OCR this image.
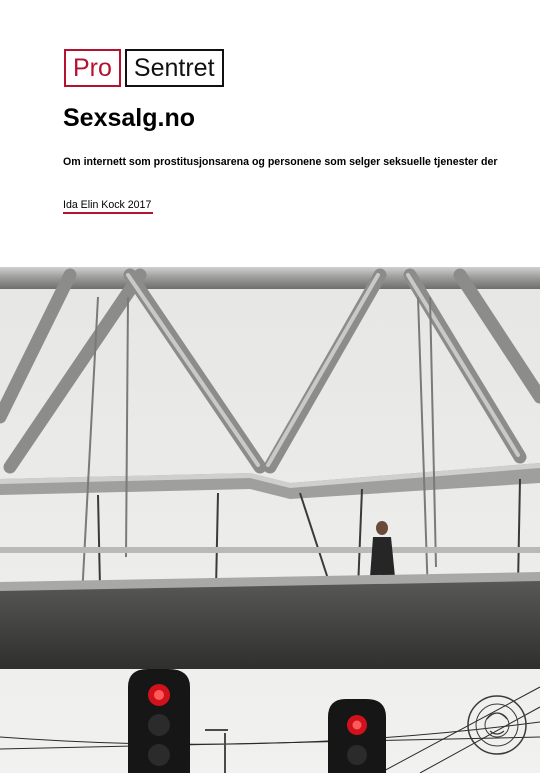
Pro Sentret
Sexsalg.no

Om internett som prostitusjonsarena og personene som selger seksuelle tjenester der

Ida Elin Kock 2017
